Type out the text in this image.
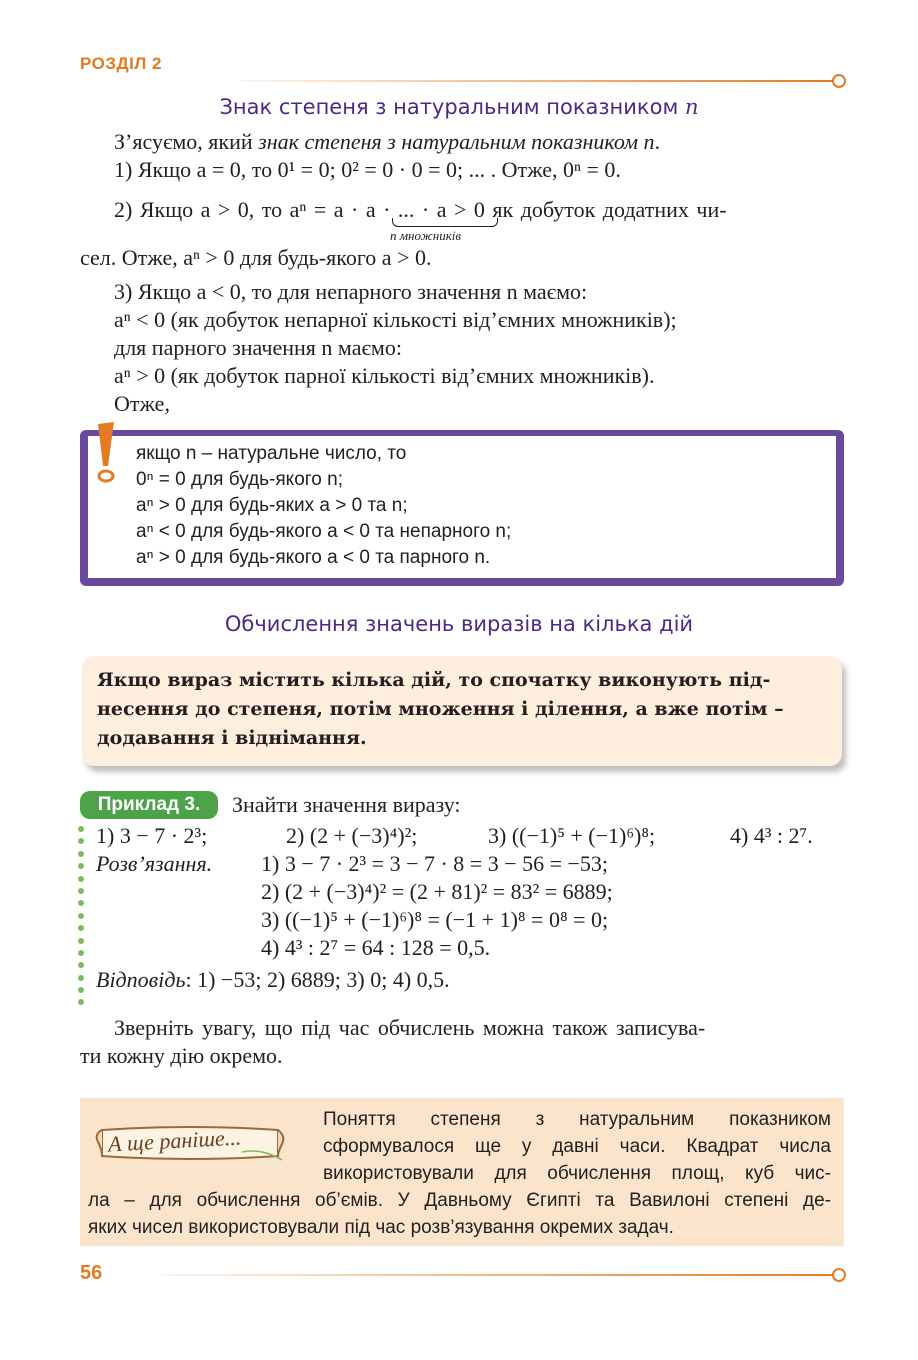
РОЗДІЛ 2
Знак степеня з натуральним показником n
З’ясуємо, який знак степеня з натуральним показником n.
1) Якщо a = 0, то 0¹ = 0; 0² = 0 · 0 = 0; ... . Отже, 0ⁿ = 0.
2) Якщо a > 0, то aⁿ = a · a · ... · a > 0 як добуток додатних чи-
n множників
сел. Отже, aⁿ > 0 для будь-якого a > 0.
3) Якщо a < 0, то для непарного значення n маємо:
aⁿ < 0 (як добуток непарної кількості від’ємних множників);
для парного значення n маємо:
aⁿ > 0 (як добуток парної кількості від’ємних множників).
Отже,
якщо n – натуральне число, то
0ⁿ = 0 для будь-якого n;
aⁿ > 0 для будь-яких a > 0 та n;
aⁿ < 0 для будь-якого a < 0 та непарного n;
aⁿ > 0 для будь-якого a < 0 та парного n.
Обчислення значень виразів на кілька дій
Якщо вираз містить кілька дій, то спочатку виконують під-
несення до степеня, потім множення і ділення, а вже потім –
додавання і віднімання.
Приклад 3.	Знайти значення виразу:
1) 3 − 7 · 2³;	2) (2 + (−3)⁴)²;	3) ((−1)⁵ + (−1)⁶)⁸;	4) 4³ : 2⁷.
Розв’язання. 1) 3 − 7 · 2³ = 3 − 7 · 8 = 3 − 56 = −53;
2) (2 + (−3)⁴)² = (2 + 81)² = 83² = 6889;
3) ((−1)⁵ + (−1)⁶)⁸ = (−1 + 1)⁸ = 0⁸ = 0;
4) 4³ : 2⁷ = 64 : 128 = 0,5.
Відповідь: 1) −53; 2) 6889; 3) 0; 4) 0,5.
Зверніть увагу, що під час обчислень можна також записува-
ти кожну дію окремо.
А ще раніше...
Поняття степеня з натуральним показником
сформувалося ще у давні часи. Квадрат числа
використовували для обчислення площ, куб чис-
ла – для обчислення об’ємів. У Давньому Єгипті та Вавилоні степені де-
яких чисел використовували під час розв’язування окремих задач.
56
